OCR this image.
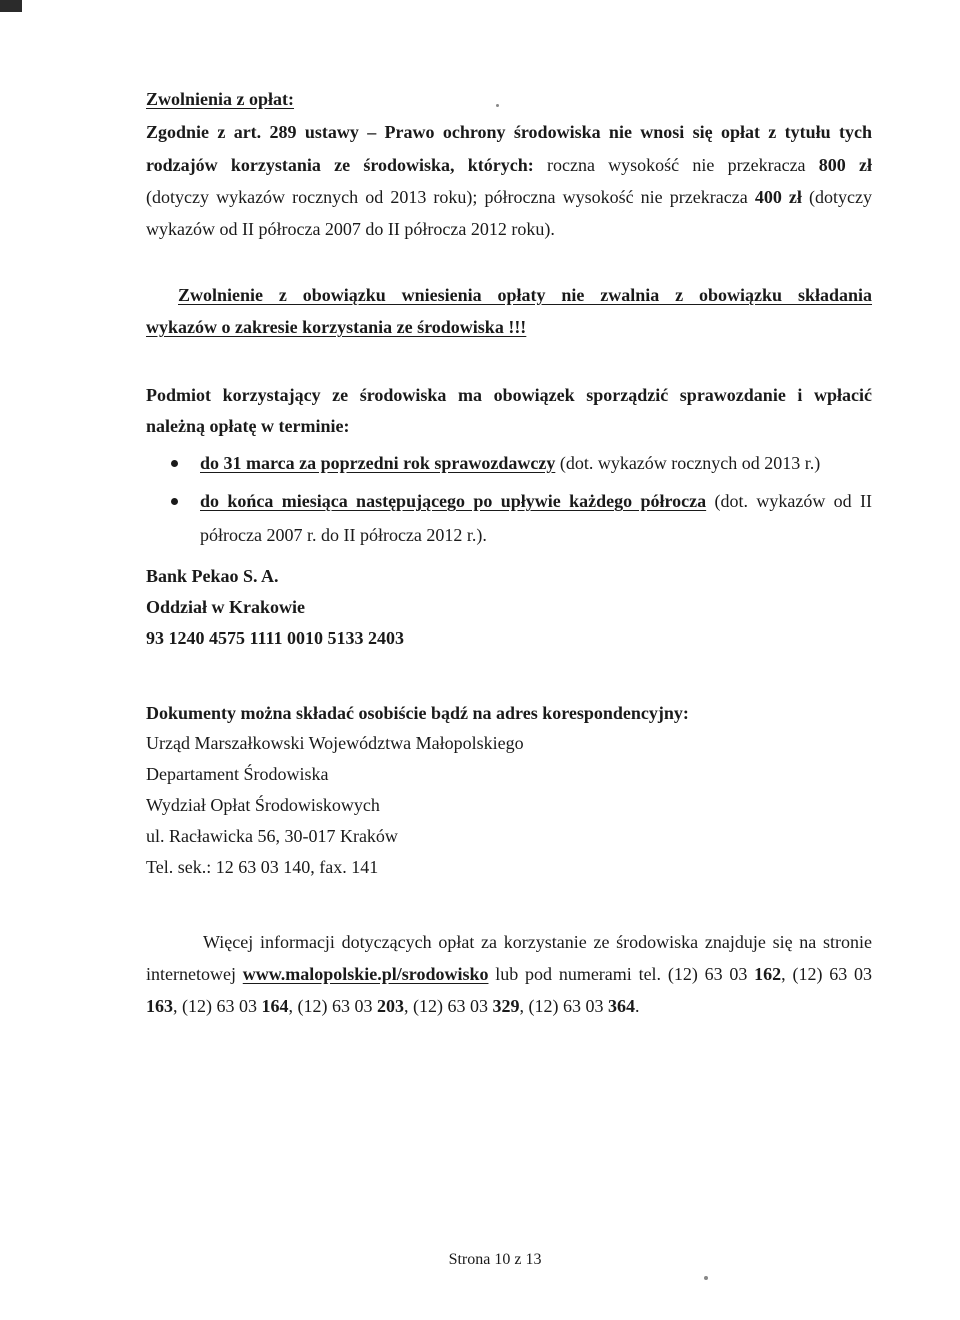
Zwolnienia z opłat:
Zgodnie z art. 289 ustawy – Prawo ochrony środowiska nie wnosi się opłat z tytułu tych
rodzajów korzystania ze środowiska, których: roczna wysokość nie przekracza 800 zł
(dotyczy wykazów rocznych od 2013 roku); półroczna wysokość nie przekracza 400 zł (dotyczy
wykazów od II półrocza 2007 do II półrocza 2012 roku).
Zwolnienie z obowiązku wniesienia opłaty nie zwalnia z obowiązku składania
wykazów o zakresie korzystania ze środowiska !!!
Podmiot korzystający ze środowiska ma obowiązek sporządzić sprawozdanie i wpłacić
należną opłatę w terminie:
do 31 marca za poprzedni rok sprawozdawczy (dot. wykazów rocznych od 2013 r.)
do końca miesiąca następującego po upływie każdego półrocza (dot. wykazów od II
półrocza 2007 r. do II półrocza 2012 r.).
Bank Pekao S. A.
Oddział w Krakowie
93 1240 4575 1111 0010 5133 2403
Dokumenty można składać osobiście bądź na adres korespondencyjny:
Urząd Marszałkowski Województwa Małopolskiego
Departament Środowiska
Wydział Opłat Środowiskowych
ul. Racławicka 56, 30-017 Kraków
Tel. sek.: 12 63 03 140, fax. 141
Więcej informacji dotyczących opłat za korzystanie ze środowiska znajduje się na stronie
internetowej www.malopolskie.pl/srodowisko lub pod numerami tel. (12) 63 03 162, (12) 63 03
163, (12) 63 03 164, (12) 63 03 203, (12) 63 03 329, (12) 63 03 364.
Strona 10 z 13
